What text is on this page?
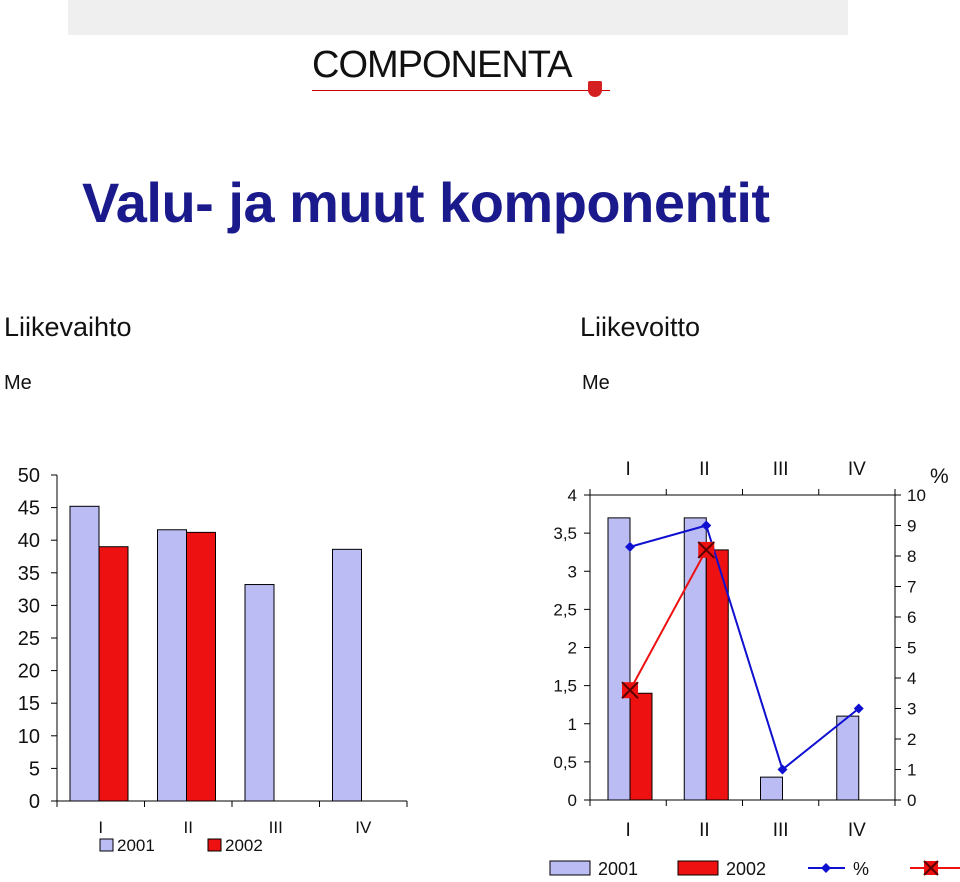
COMPONENTA
Valu- ja muut komponentit
Liikevaihto
Me
Liikevoitto
Me
0
5
10
15
20
25
30
35
40
45
50
I	II	III	IV
2001	2002
0
0,5
1
1,5
2
2,5
3
3,5
4
0
1
2
3
4
5
6
7
8
9
10
%
I
I
II
II
III
III
IV
IV
2001	2002	%
